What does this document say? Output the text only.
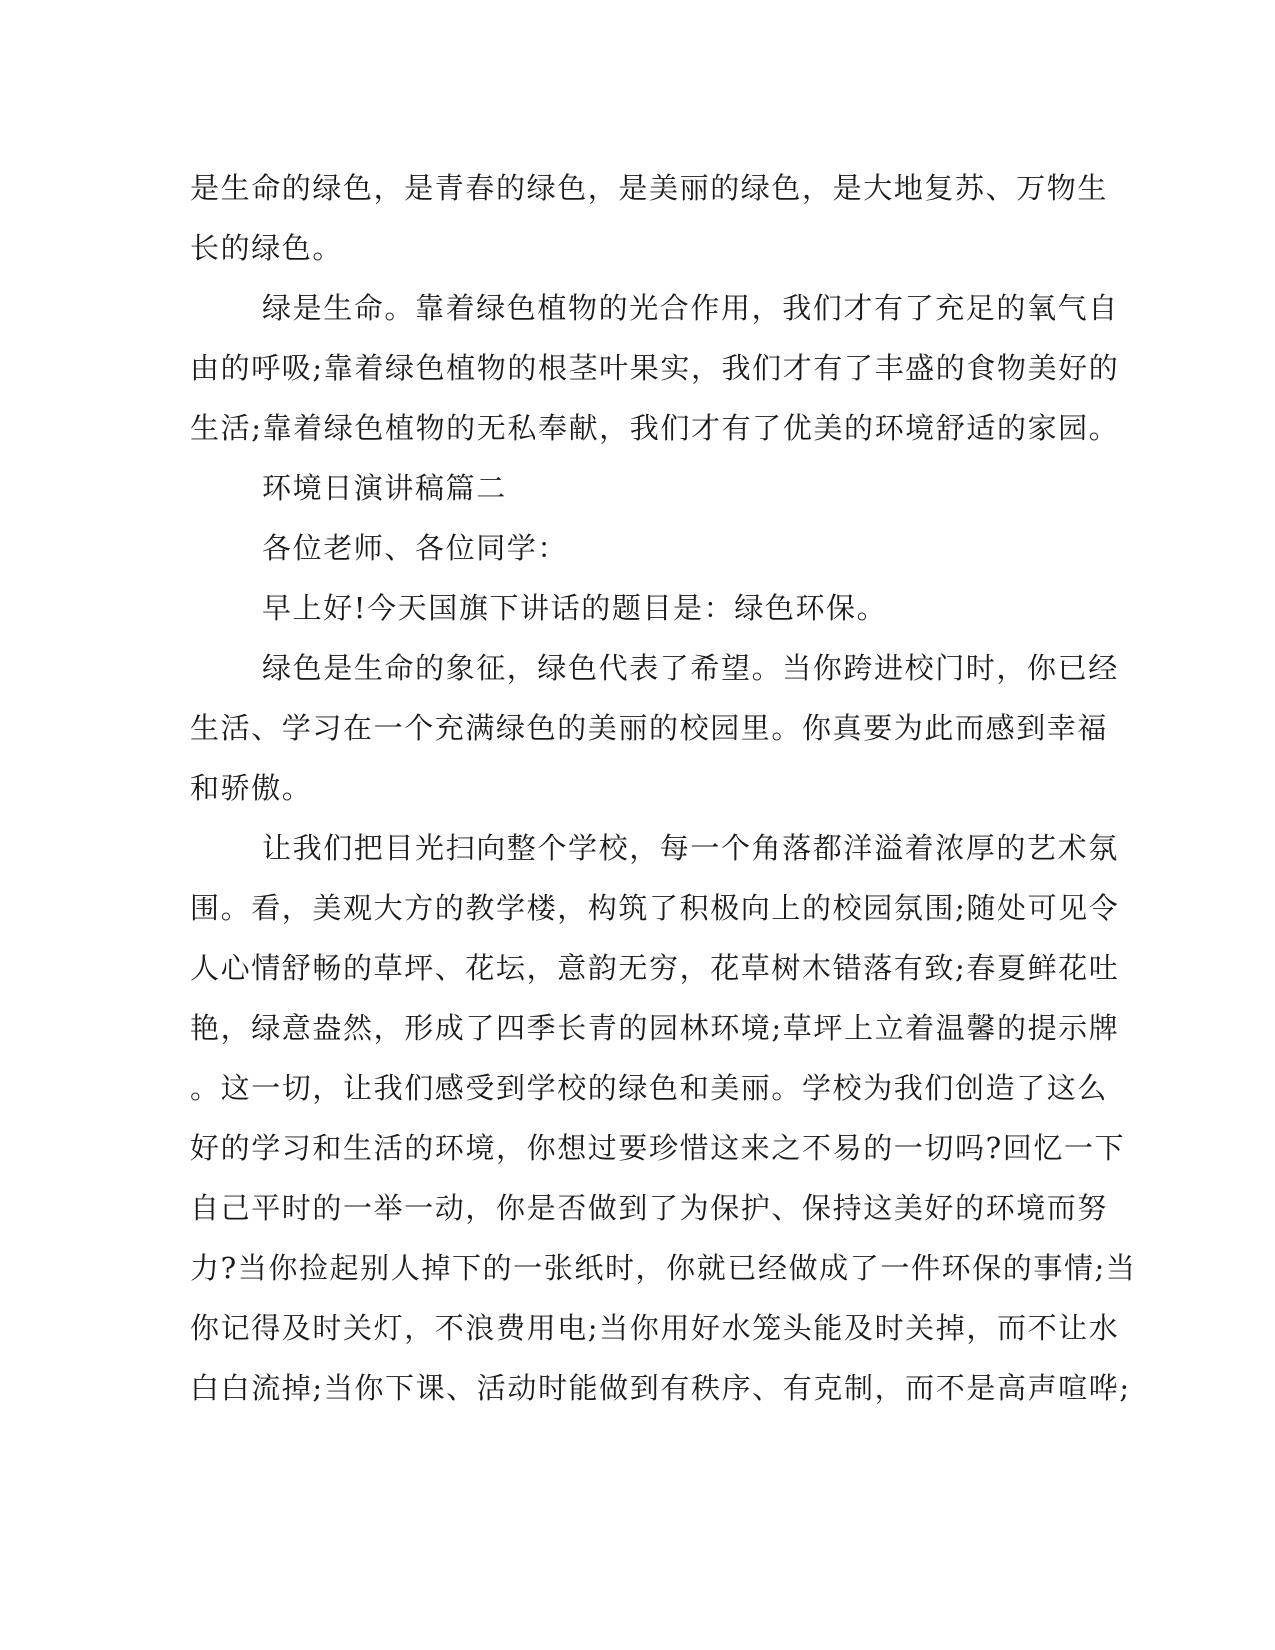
是生命的绿色，是青春的绿色，是美丽的绿色，是大地复苏、万物生
长的绿色。
绿是生命。靠着绿色植物的光合作用，我们才有了充足的氧气自
由的呼吸;靠着绿色植物的根茎叶果实，我们才有了丰盛的食物美好的
生活;靠着绿色植物的无私奉献，我们才有了优美的环境舒适的家园。
环境日演讲稿篇二
各位老师、各位同学：
早上好!今天国旗下讲话的题目是：绿色环保。
绿色是生命的象征，绿色代表了希望。当你跨进校门时，你已经
生活、学习在一个充满绿色的美丽的校园里。你真要为此而感到幸福
和骄傲。
让我们把目光扫向整个学校，每一个角落都洋溢着浓厚的艺术氛
围。看，美观大方的教学楼，构筑了积极向上的校园氛围;随处可见令
人心情舒畅的草坪、花坛，意韵无穷，花草树木错落有致;春夏鲜花吐
艳，绿意盎然，形成了四季长青的园林环境;草坪上立着温馨的提示牌
。这一切，让我们感受到学校的绿色和美丽。学校为我们创造了这么
好的学习和生活的环境，你想过要珍惜这来之不易的一切吗?回忆一下
自己平时的一举一动，你是否做到了为保护、保持这美好的环境而努
力?当你捡起别人掉下的一张纸时，你就已经做成了一件环保的事情;当
你记得及时关灯，不浪费用电;当你用好水笼头能及时关掉，而不让水
白白流掉;当你下课、活动时能做到有秩序、有克制，而不是高声喧哗;
